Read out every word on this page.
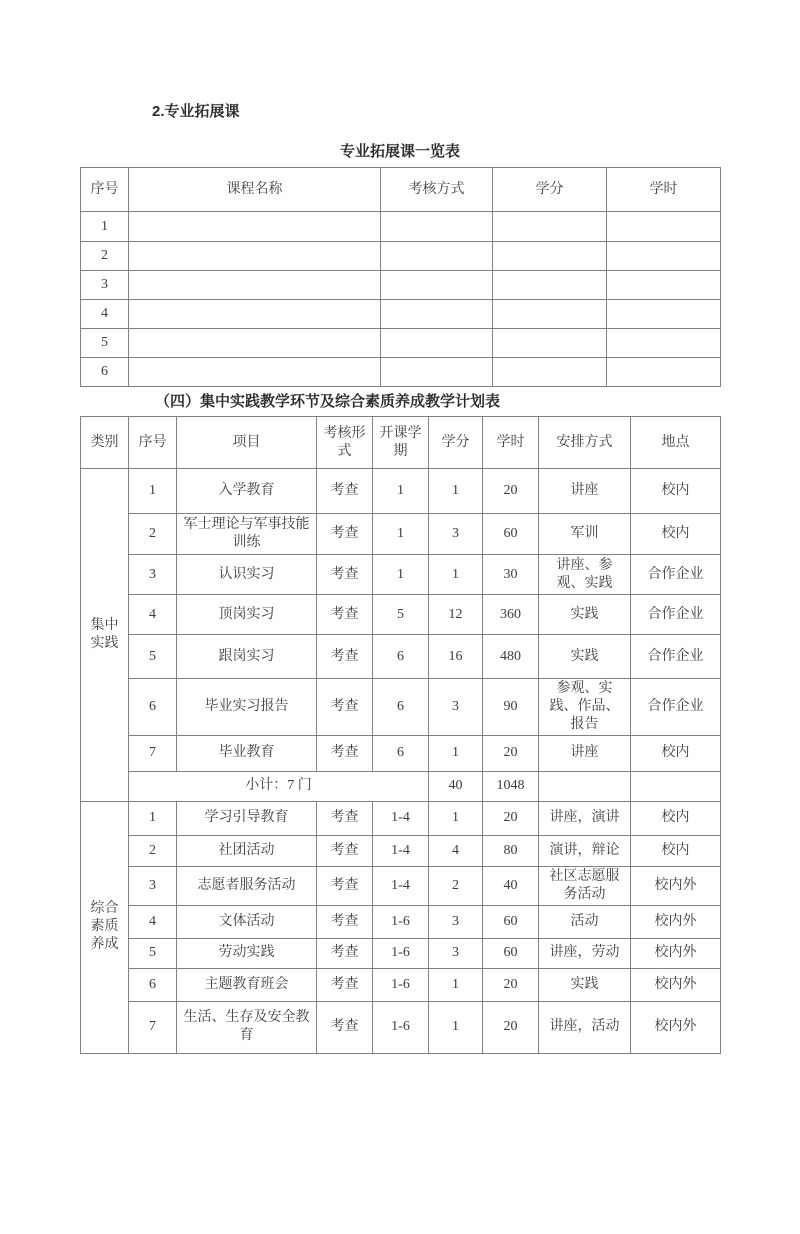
2.专业拓展课
专业拓展课一览表
序号	课程名称	考核方式	学分	学时
1				
2				
3				
4				
5				
6				
（四）集中实践教学环节及综合素质养成教学计划表
类别	序号	项目	考核形式	开课学期	学分	学时	安排方式	地点
集中实践	1	入学教育	考查	1	1	20	讲座	校内
	2	军士理论与军事技能训练	考查	1	3	60	军训	校内
	3	认识实习	考查	1	1	30	讲座、参观、实践	合作企业
	4	顶岗实习	考查	5	12	360	实践	合作企业
	5	跟岗实习	考查	6	16	480	实践	合作企业
	6	毕业实习报告	考查	6	3	90	参观、实践、作品、报告	合作企业
	7	毕业教育	考查	6	1	20	讲座	校内
	小计：7 门				40	1048		
综合素质养成	1	学习引导教育	考查	1-4	1	20	讲座，演讲	校内
	2	社团活动	考查	1-4	4	80	演讲，辩论	校内
	3	志愿者服务活动	考查	1-4	2	40	社区志愿服务活动	校内外
	4	文体活动	考查	1-6	3	60	活动	校内外
	5	劳动实践	考查	1-6	3	60	讲座，劳动	校内外
	6	主题教育班会	考查	1-6	1	20	实践	校内外
	7	生活、生存及安全教育	考查	1-6	1	20	讲座，活动	校内外
